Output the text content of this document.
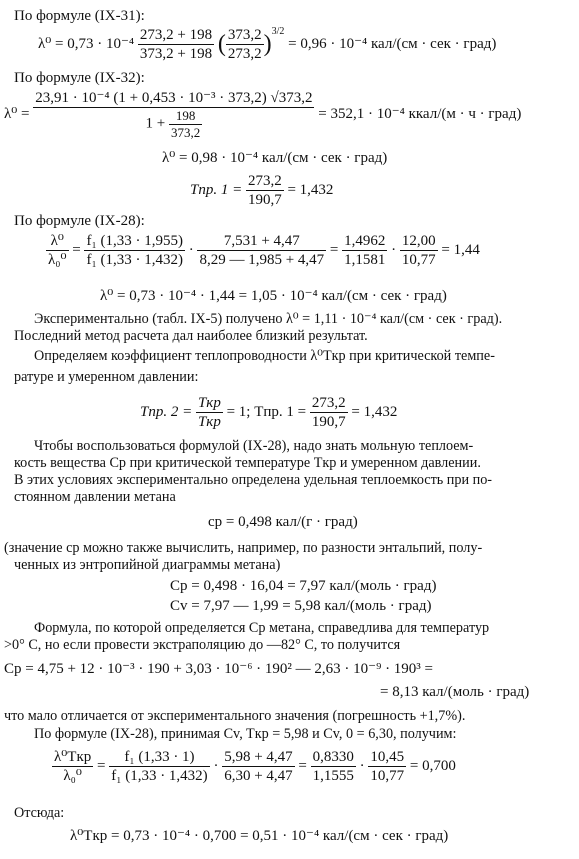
По формуле (IX-31):
$\lambda^0 = 0,73 \cdot 10^{-4} \frac{273,2 + 198}{373,2 + 198}$ ( $\frac{373,2}{273,2} )^{3/2} = 0,96 \cdot 10^{-4}$ кал/(см · сек · град)
По формуле (IX-32):
$\lambda^0 = \frac{\text{23,91 · 10⁻⁴ (1 + 0,453 · 10⁻³ · 373,2) √373,2}}{1 + \frac{198}{373,2}} = 352,1 \cdot 10^{-4}$ ккал/(м · ч · град)
λ⁰ = 0,98 · 10⁻⁴ кал/(см · сек · град)
Tпр. $1 = \frac{273,2}{190,7} = 1,432$
По формуле (IX-28):
$\frac{\text{λ⁰}}{\text{λ₀⁰}} = \frac{\text{f₁ (1,33 · 1,955)}}{\text{f₁ (1,33 · 1,432)}} \cdot \frac{7,531 + 4,47}{8,29 — 1,985 + 4,47} = \frac{1,4962}{1,1581} \cdot \frac{12,00}{10,77} = 1,44$
λ⁰ = 0,73 · 10⁻⁴ · 1,44 = 1,05 · 10⁻⁴ кал/(см · сек · град)
Экспериментально (табл. IX-5) получено λ⁰ = 1,11 · 10⁻⁴ кал/(см · сек · град).
Последний метод расчета дал наиболее близкий результат.
Определяем коэффициент теплопроводности λ⁰Tкр при критической темпе-
ратуре и умеренном давлении:
Tпр. 2 =
Tкр
Tкр
= 1; Tпр. $1 = \frac{273,2}{190,7} = 1,432$
Чтобы воспользоваться формулой (IX-28), надо знать мольную теплоем-
кость вещества Cp при критической температуре Tкр и умеренном давлении.
В этих условиях экспериментально определена удельная теплоемкость при по-
стоянном давлении метана
cp = 0,498 кал/(г · град)
(значение cp можно также вычислить, например, по разности энтальпий, полу-
ченных из энтропийной диаграммы метана)
Cp = 0,498 · 16,04 = 7,97 кал/(моль · град)
Cv = 7,97 — 1,99 = 5,98 кал/(моль · град)
Формула, по которой определяется Cp метана, справедлива для температур
>0° С, но если провести экстраполяцию до —82° С, то получится
Cp = 4,75 + 12 · 10⁻³ · 190 + 3,03 · 10⁻⁶ · 190² — 2,63 · 10⁻⁹ · 190³ =
= 8,13 кал/(моль · град)
что мало отличается от экспериментального значения (погрешность +1,7%).
По формуле (IX-28), принимая Cv, Tкр = 5,98 и Cv, 0 = 6,30, получим:
λ⁰Tкр
λ₀⁰
= $\frac{\text{f₁ (1,33 · 1)}}{\text{f₁ (1,33 · 1,432)}} \cdot \frac{5,98 + 4,47}{6,30 + 4,47} = \frac{0,8330}{1,1555} \cdot \frac{10,45}{10,77} = 0,700$
Отсюда:
λ⁰Tкр = 0,73 · 10⁻⁴ · 0,700 = 0,51 · 10⁻⁴ кал/(см · сек · град)
